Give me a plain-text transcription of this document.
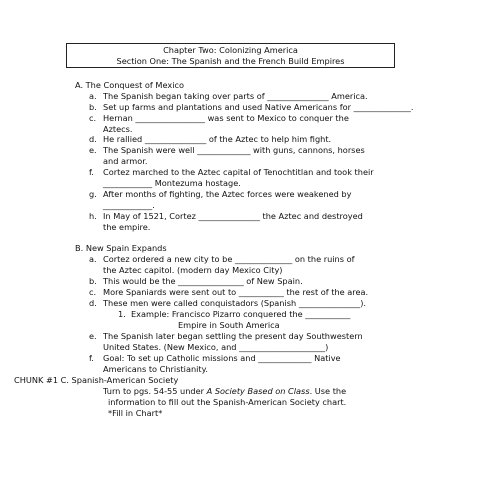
Chapter Two: Colonizing America
Section One: The Spanish and the French Build Empires
A. The Conquest of Mexico
a. The Spanish began taking over parts of _______________ America.
b. Set up farms and plantations and used Native Americans for ______________.
c. Hernan _________________ was sent to Mexico to conquer the
Aztecs.
d. He rallied _______________ of the Aztec to help him fight.
e. The Spanish were well _____________ with guns, cannons, horses
and armor.
f. Cortez marched to the Aztec capital of Tenochtitlan and took their
____________ Montezuma hostage.
g. After months of fighting, the Aztec forces were weakened by
____________.
h. In May of 1521, Cortez _______________ the Aztec and destroyed
the empire.
B. New Spain Expands
a. Cortez ordered a new city to be ______________ on the ruins of
the Aztec capitol. (modern day Mexico City)
b. This would be the ________________ of New Spain.
c. More Spaniards were sent out to ___________ the rest of the area.
d. These men were called conquistadors (Spanish _______________).
1. Example: Francisco Pizarro conquered the ___________
Empire in South America
e. The Spanish later began settling the present day Southwestern
United States. (New Mexico, and _____________________)
f. Goal: To set up Catholic missions and _____________ Native
Americans to Christianity.
CHUNK #1 C. Spanish-American Society
Turn to pgs. 54-55 under A Society Based on Class. Use the
information to fill out the Spanish-American Society chart.
*Fill in Chart*
